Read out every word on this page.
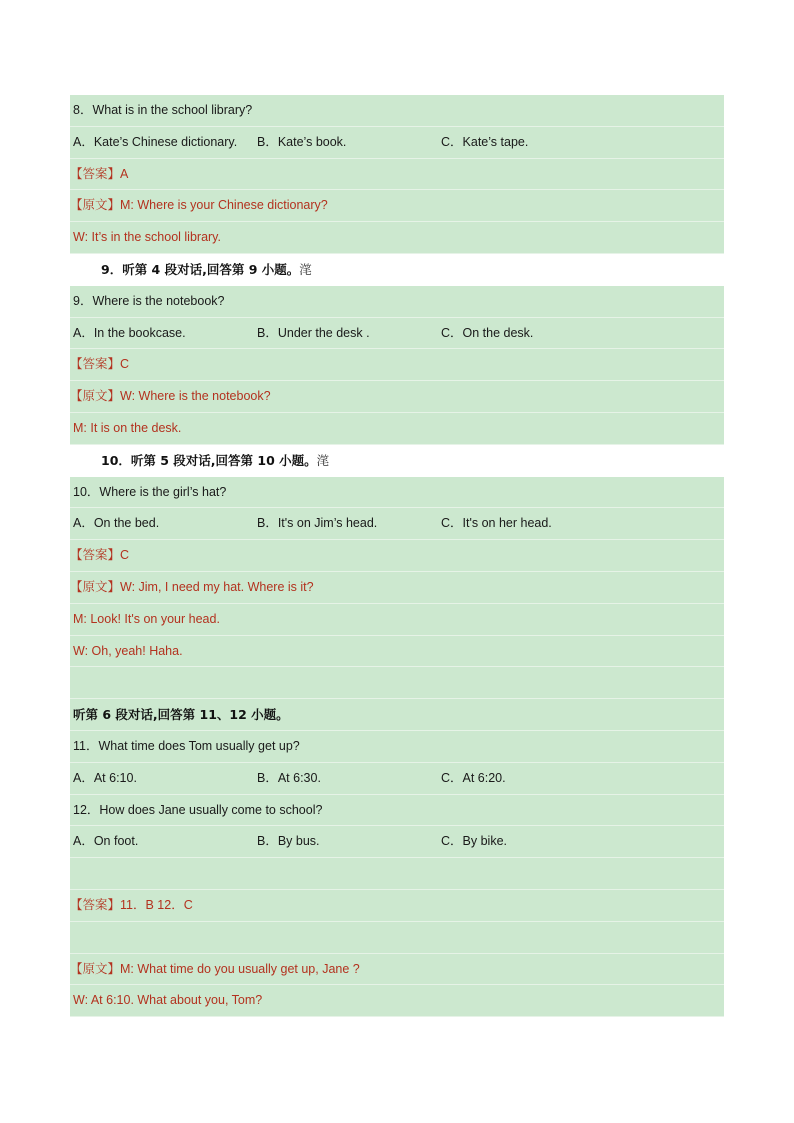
8．What is in the school library?
A．Kate’s Chinese dictionary. B．Kate’s book.	C．Kate’s tape.
【答案】A
【原文】M: Where is your Chinese dictionary?
W: It’s in the school library.
9．听第 4 段对话,回答第 9 小题。滗
9．Where is the notebook?
A．In the bookcase.	B．Under the desk .	C．On the desk.
【答案】C
【原文】W: Where is the notebook?
M: It is on the desk.
10．听第 5 段对话,回答第 10 小题。滗
10．Where is the girl’s hat?
A．On the bed.	B．It's on Jim’s head.	C．It's on her head.
【答案】C
【原文】W: Jim, I need my hat. Where is it?
M: Look! It's on your head.
W: Oh, yeah! Haha.
听第 6 段对话,回答第 11、12 小题。
11．What time does Tom usually get up?
A．At 6:10.	B．At 6:30.	C．At 6:20.
12．How does Jane usually come to school?
A．On foot.	B．By bus.	C．By bike.
【答案】11．B 12．C
【原文】M: What time do you usually get up, Jane ?
W: At 6:10. What about you, Tom?
